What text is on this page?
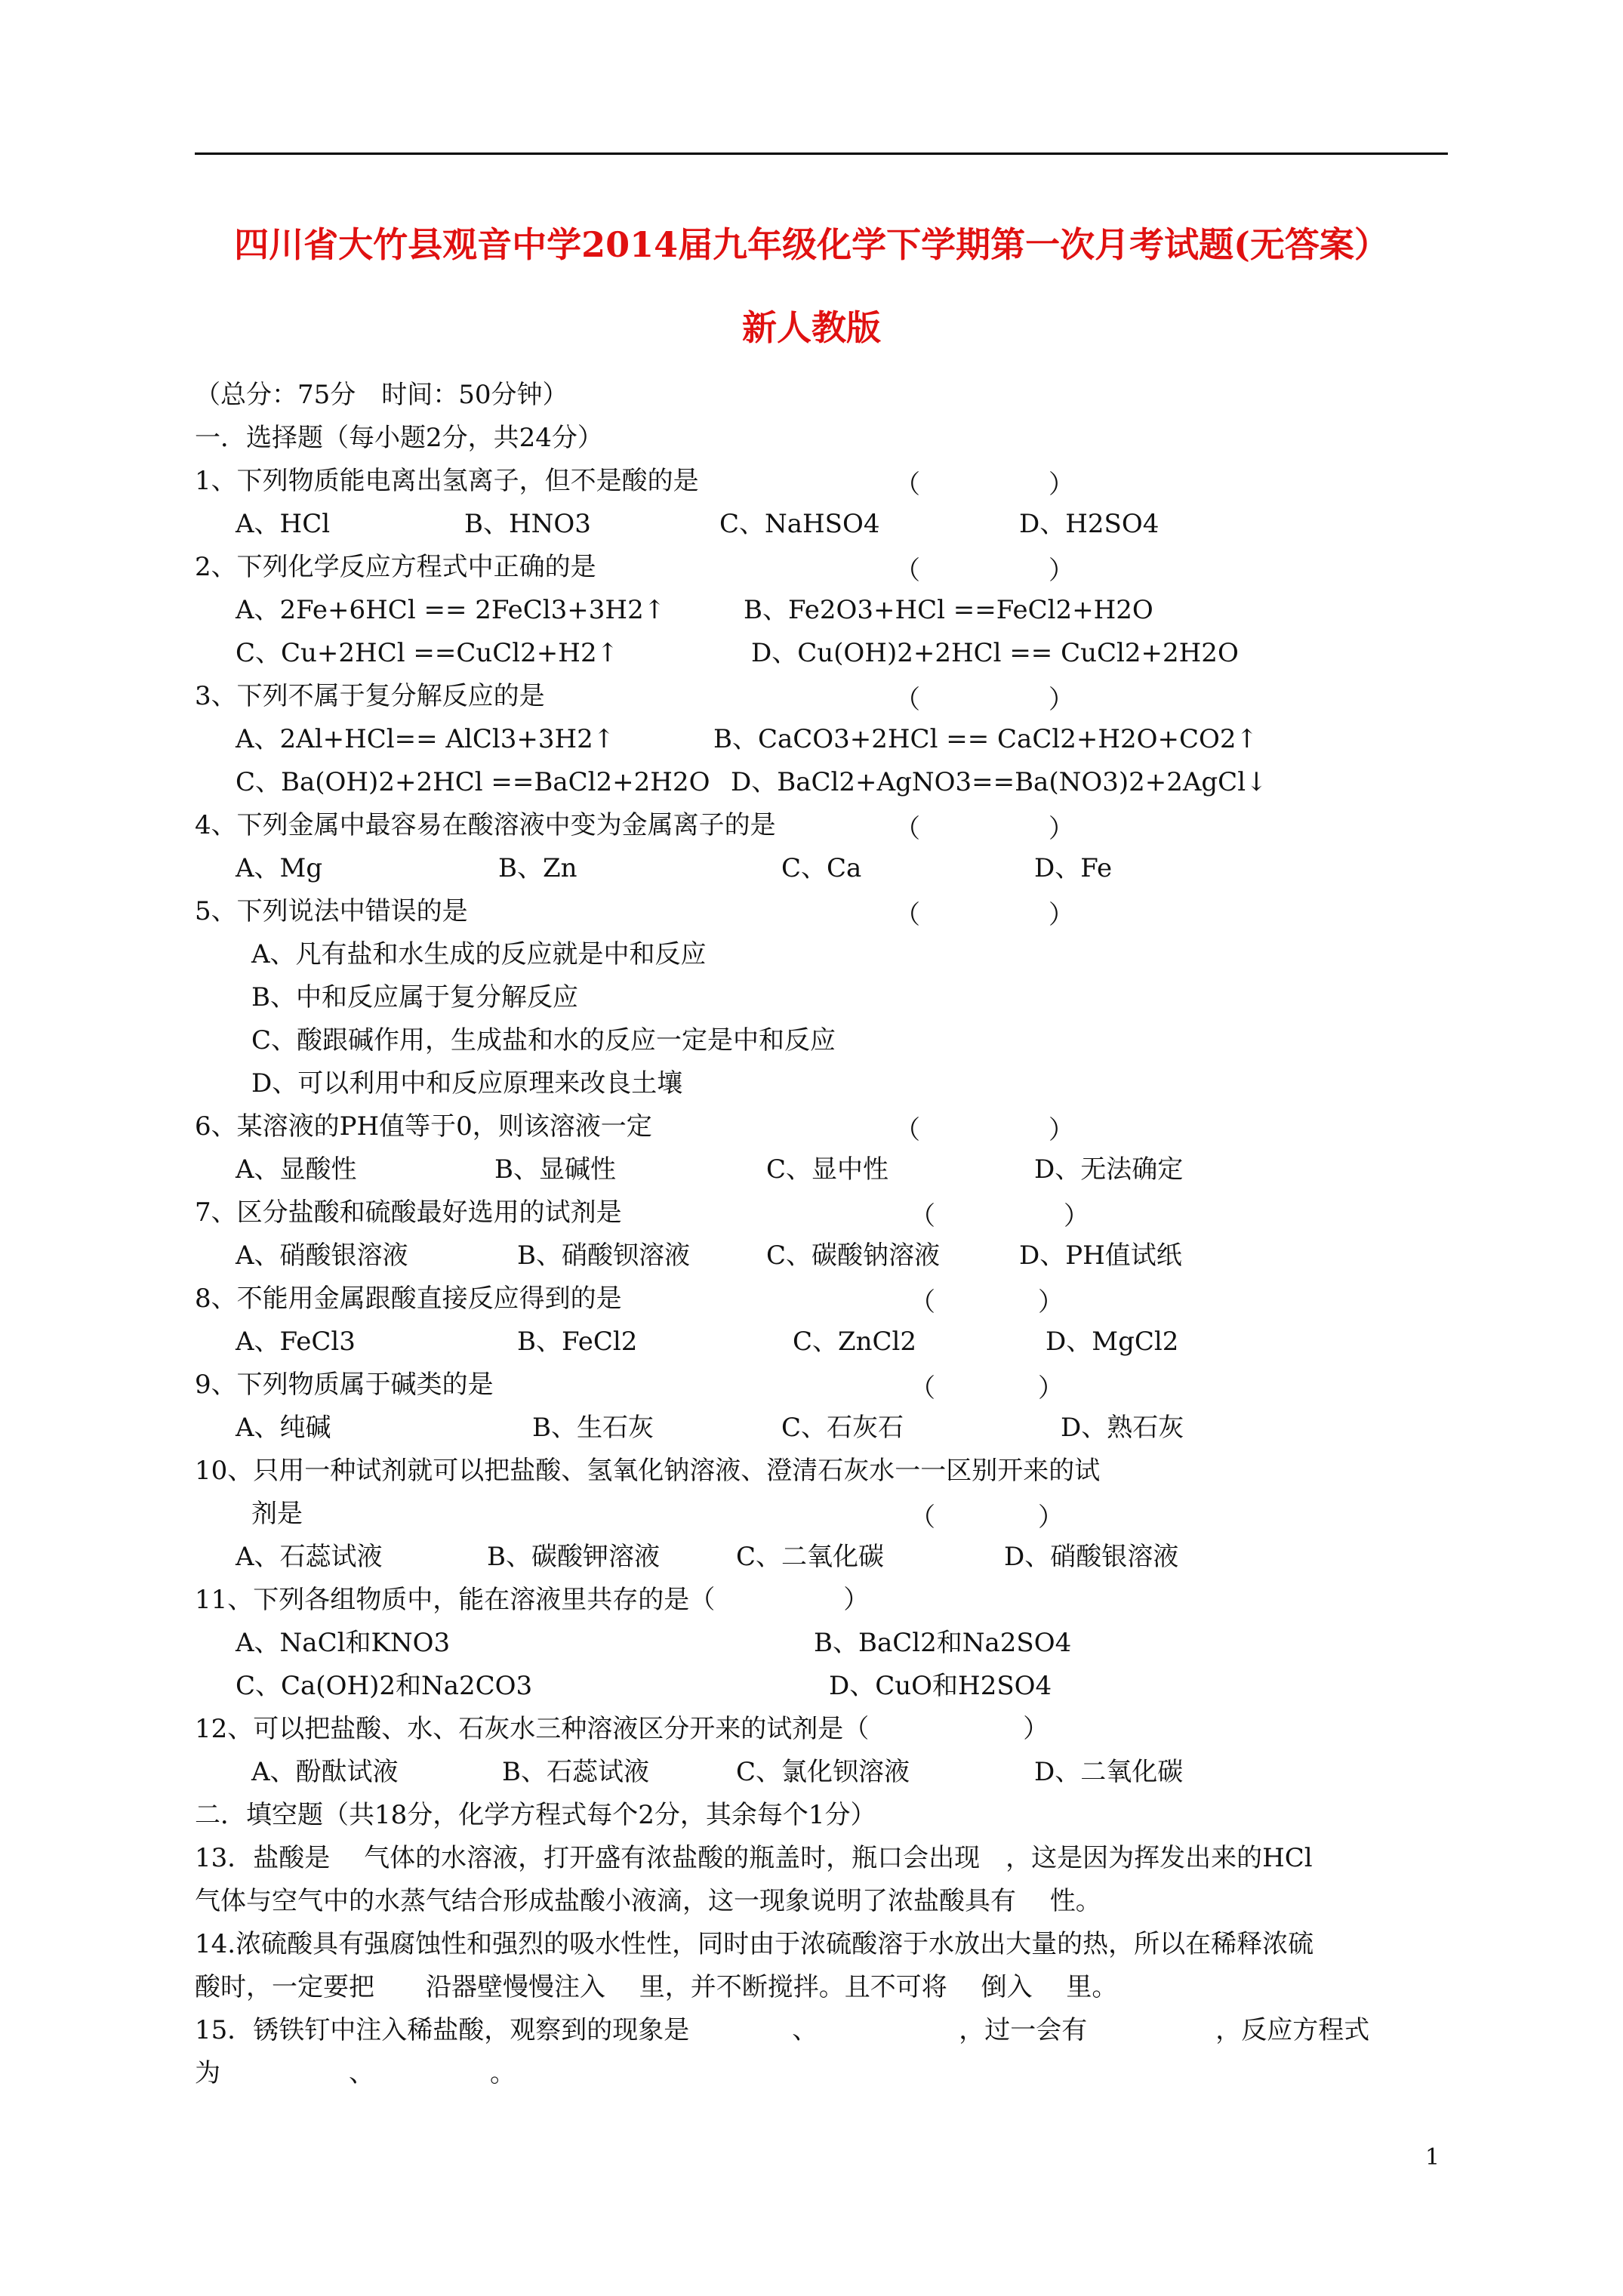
四川省大竹县观音中学2014届九年级化学下学期第一次月考试题(无答案）
新人教版
（总分：75分　时间：50分钟）
一．选择题（每小题2分，共24分）
1、下列物质能电离出氢离子，但不是酸的是	（　　　　　）
A、HCl	B、HNO3	C、NaHSO4	D、H2SO4
2、下列化学反应方程式中正确的是	（　　　　　）
A、2Fe+6HCl == 2FeCl3+3H2↑	B、Fe2O3+HCl ==FeCl2+H2O
C、Cu+2HCl ==CuCl2+H2↑	D、Cu(OH)2+2HCl == CuCl2+2H2O
3、下列不属于复分解反应的是	（　　　　　）
A、2Al+HCl== AlCl3+3H2↑	B、CaCO3+2HCl == CaCl2+H2O+CO2↑
C、Ba(OH)2+2HCl ==BaCl2+2H2O D、BaCl2+AgNO3==Ba(NO3)2+2AgCl↓
4、下列金属中最容易在酸溶液中变为金属离子的是	（　　　　　）
A、Mg	B、Zn	C、Ca	D、Fe
5、下列说法中错误的是	（　　　　　）
A、凡有盐和水生成的反应就是中和反应
B、中和反应属于复分解反应
C、酸跟碱作用，生成盐和水的反应一定是中和反应
D、可以利用中和反应原理来改良土壤
6、某溶液的PH值等于0，则该溶液一定	（　　　　　）
A、显酸性	B、显碱性	C、显中性	D、无法确定
7、区分盐酸和硫酸最好选用的试剂是	（　　　　　）
A、硝酸银溶液	B、硝酸钡溶液	C、碳酸钠溶液	D、PH值试纸
8、不能用金属跟酸直接反应得到的是	（　　　　）
A、FeCl3	B、FeCl2	C、ZnCl2	D、MgCl2
9、下列物质属于碱类的是	（　　　　）
A、纯碱	B、生石灰	C、石灰石	D、熟石灰
10、只用一种试剂就可以把盐酸、氢氧化钠溶液、澄清石灰水一一区别开来的试
剂是	（　　　　）
A、石蕊试液	B、碳酸钾溶液	C、二氧化碳	D、硝酸银溶液
11、下列各组物质中，能在溶液里共存的是（　　　　　）
A、NaCl和KNO3	B、BaCl2和Na2SO4
C、Ca(OH)2和Na2CO3	D、CuO和H2SO4
12、可以把盐酸、水、石灰水三种溶液区分开来的试剂是（　　　　　　）
A、酚酞试液	B、石蕊试液	C、氯化钡溶液	D、二氧化碳
二．填空题（共18分，化学方程式每个2分，其余每个1分）
13．盐酸是　 气体的水溶液，打开盛有浓盐酸的瓶盖时，瓶口会出现　，这是因为挥发出来的HCl
气体与空气中的水蒸气结合形成盐酸小液滴，这一现象说明了浓盐酸具有　 性。
14.浓硫酸具有强腐蚀性和强烈的吸水性性，同时由于浓硫酸溶于水放出大量的热，所以在稀释浓硫
酸时，一定要把　　沿器壁慢慢注入　 里，并不断搅拌。且不可将　 倒入　 里。
15．锈铁钉中注入稀盐酸，观察到的现象是　　　　、　　　　　　，过一会有　　　　　，反应方程式
为　　　　　、　　　　　。
1
